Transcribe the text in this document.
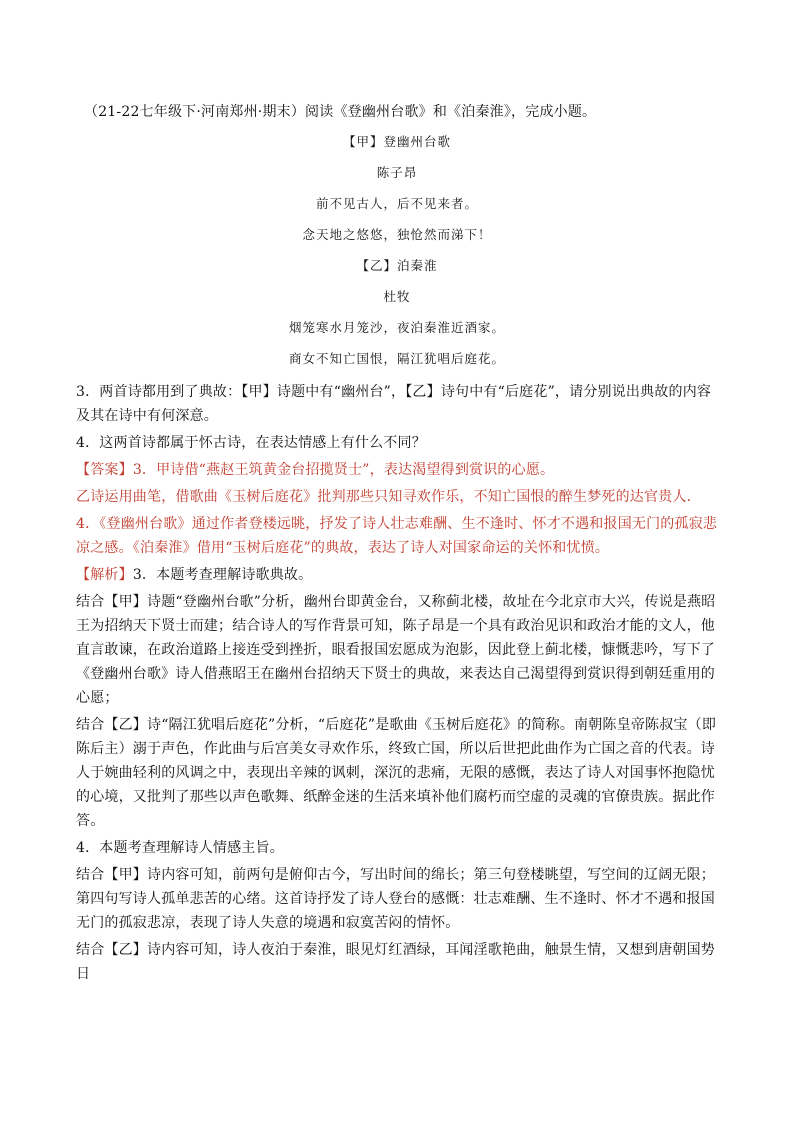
（21-22七年级下·河南郑州·期末）阅读《登幽州台歌》和《泊秦淮》，完成小题。

【甲】登幽州台歌

陈子昂

前不见古人，后不见来者。

念天地之悠悠，独怆然而涕下！

【乙】泊秦淮

杜牧

烟笼寒水月笼沙，夜泊秦淮近酒家。

商女不知亡国恨，隔江犹唱后庭花。

3．两首诗都用到了典故：【甲】诗题中有“幽州台”，【乙】诗句中有“后庭花”，请分别说出典故的内容及其在诗中有何深意。

4．这两首诗都属于怀古诗，在表达情感上有什么不同？

【答案】3．甲诗借“燕赵王筑黄金台招揽贤士”，表达渴望得到赏识的心愿。

乙诗运用曲笔，借歌曲《玉树后庭花》批判那些只知寻欢作乐，不知亡国恨的醉生梦死的达官贵人.

4．《登幽州台歌》通过作者登楼远眺，抒发了诗人壮志难酬、生不逢时、怀才不遇和报国无门的孤寂悲凉之感。《泊秦淮》借用“玉树后庭花”的典故，表达了诗人对国家命运的关怀和忧愤。

【解析】3．本题考查理解诗歌典故。

结合【甲】诗题“登幽州台歌”分析，幽州台即黄金台，又称蓟北楼，故址在今北京市大兴，传说是燕昭王为招纳天下贤士而建；结合诗人的写作背景可知，陈子昂是一个具有政治见识和政治才能的文人，他直言敢谏，在政治道路上接连受到挫折，眼看报国宏愿成为泡影，因此登上蓟北楼，慷慨悲吟，写下了《登幽州台歌》诗人借燕昭王在幽州台招纳天下贤士的典故，来表达自己渴望得到赏识得到朝廷重用的心愿；

结合【乙】诗“隔江犹唱后庭花”分析，“后庭花”是歌曲《玉树后庭花》的简称。南朝陈皇帝陈叔宝（即陈后主）溺于声色，作此曲与后宫美女寻欢作乐，终致亡国，所以后世把此曲作为亡国之音的代表。诗人于婉曲轻利的风调之中，表现出辛辣的讽刺，深沉的悲痛，无限的感慨，表达了诗人对国事怀抱隐忧的心境，又批判了那些以声色歌舞、纸醉金迷的生活来填补他们腐朽而空虚的灵魂的官僚贵族。据此作答。

4．本题考查理解诗人情感主旨。

结合【甲】诗内容可知，前两句是俯仰古今，写出时间的绵长；第三句登楼眺望，写空间的辽阔无限；第四句写诗人孤单悲苦的心绪。这首诗抒发了诗人登台的感慨：壮志难酬、生不逢时、怀才不遇和报国无门的孤寂悲凉，表现了诗人失意的境遇和寂寞苦闷的情怀。

结合【乙】诗内容可知，诗人夜泊于秦淮，眼见灯红酒绿，耳闻淫歌艳曲，触景生情，又想到唐朝国势日
